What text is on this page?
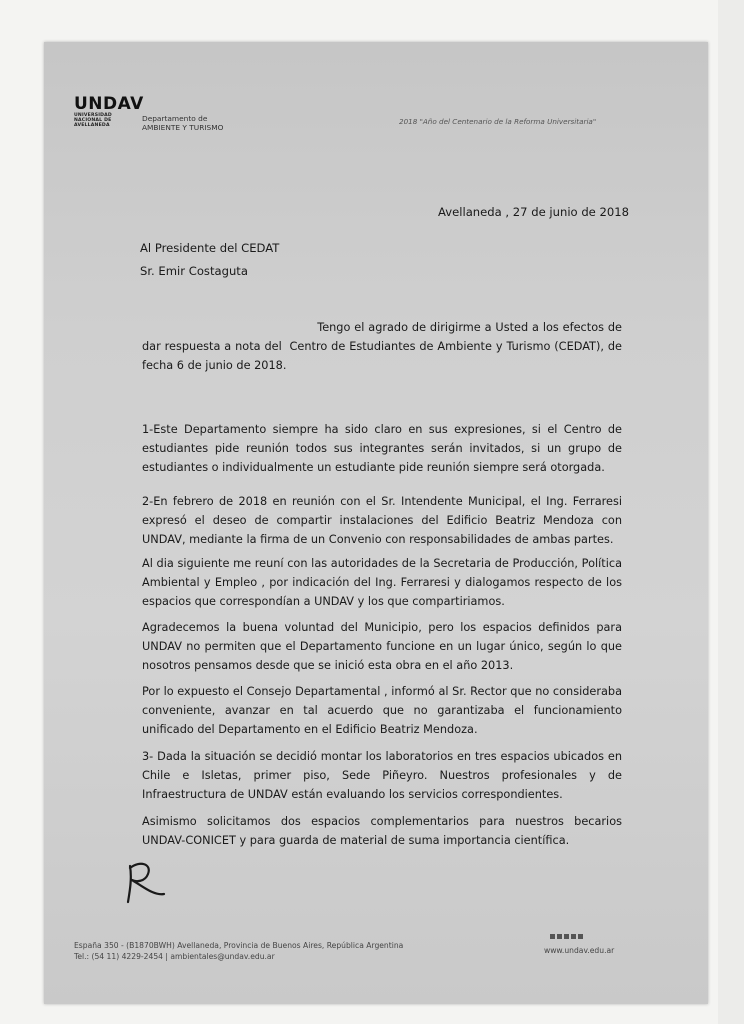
UNDAV
UNIVERSIDAD
NACIONAL DE
AVELLANEDA
Departamento de
AMBIENTE Y TURISMO
2018 "Año del Centenario de la Reforma Universitaria"
Avellaneda , 27 de junio de 2018
Al Presidente del CEDAT
Sr. Emir Costaguta

Tengo el agrado de dirigirme a Usted a los efectos de dar respuesta a nota del  Centro de Estudiantes de Ambiente y Turismo (CEDAT), de fecha 6 de junio de 2018.

1-Este Departamento siempre ha sido claro en sus expresiones, si el Centro de estudiantes pide reunión todos sus integrantes serán invitados, si un grupo de estudiantes o individualmente un estudiante pide reunión siempre será otorgada.

2-En febrero de 2018 en reunión con el Sr. Intendente Municipal, el Ing. Ferraresi expresó el deseo de compartir instalaciones del Edificio Beatriz Mendoza con UNDAV, mediante la firma de un Convenio con responsabilidades de ambas partes.

Al dia siguiente me reuní con las autoridades de la Secretaria de Producción, Política Ambiental y Empleo , por indicación del Ing. Ferraresi y dialogamos respecto de los espacios que correspondían a UNDAV y los que compartiriamos.

Agradecemos la buena voluntad del Municipio, pero los espacios definidos para UNDAV no permiten que el Departamento funcione en un lugar único, según lo que nosotros pensamos desde que se inició esta obra en el año 2013.

Por lo expuesto el Consejo Departamental , informó al Sr. Rector que no consideraba conveniente, avanzar en tal acuerdo que no garantizaba el funcionamiento unificado del Departamento en el Edificio Beatriz Mendoza.

3- Dada la situación se decidió montar los laboratorios en tres espacios ubicados en Chile e Isletas, primer piso, Sede Piñeyro. Nuestros profesionales y de Infraestructura de UNDAV están evaluando los servicios correspondientes.

Asimismo solicitamos dos espacios complementarios para nuestros becarios UNDAV-CONICET y para guarda de material de suma importancia científica.

España 350 - (B1870BWH) Avellaneda, Provincia de Buenos Aires, República Argentina
Tel.: (54 11) 4229-2454 | ambientales@undav.edu.ar
www.undav.edu.ar
